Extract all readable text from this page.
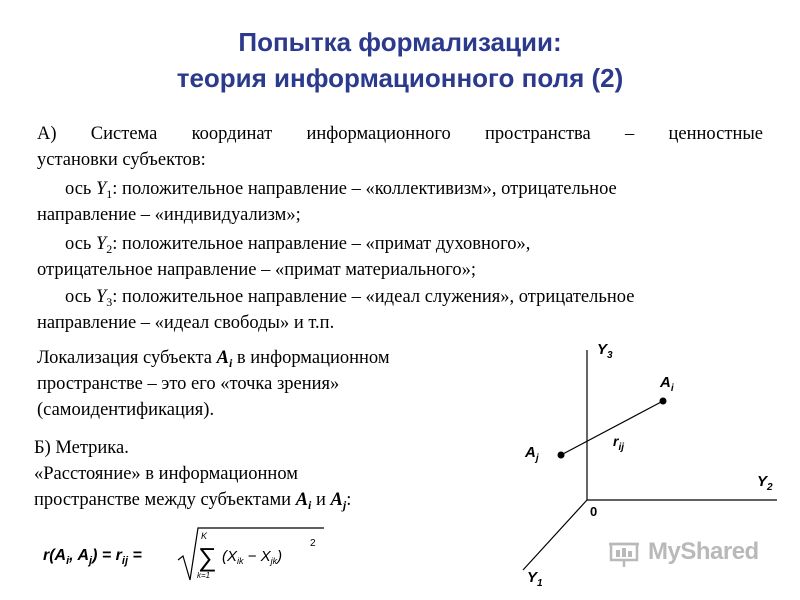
Попытка формализации:
теория информационного поля (2)
А) Система координат информационного пространства – ценностные
установки субъектов:
ось $Y_1$: положительное направление – «коллективизм», отрицательное
направление – «индивидуализм»;
ось $Y_2$: положительное направление – «примат духовного»,
отрицательное направление – «примат материального»;
ось $Y_3$: положительное направление – «идеал служения», отрицательное
направление – «идеал свободы» и т.п.
Локализация субъекта $A_i$ в информационном
пространстве – это его «точка зрения»
(самоидентификация).
Б) Метрика.
«Расстояние» в информационном
пространстве между субъектами $A_i$ и $A_j$:
$r(A_i$, $A_j) = r_{ij}$ =
K
∑
k=1
$(X_{ik} - X_{jk})$
2
$Y_3$
$Y_2$
$Y_1$
0
$A_i$
$A_j$
$r_{ij}$
MyShared
